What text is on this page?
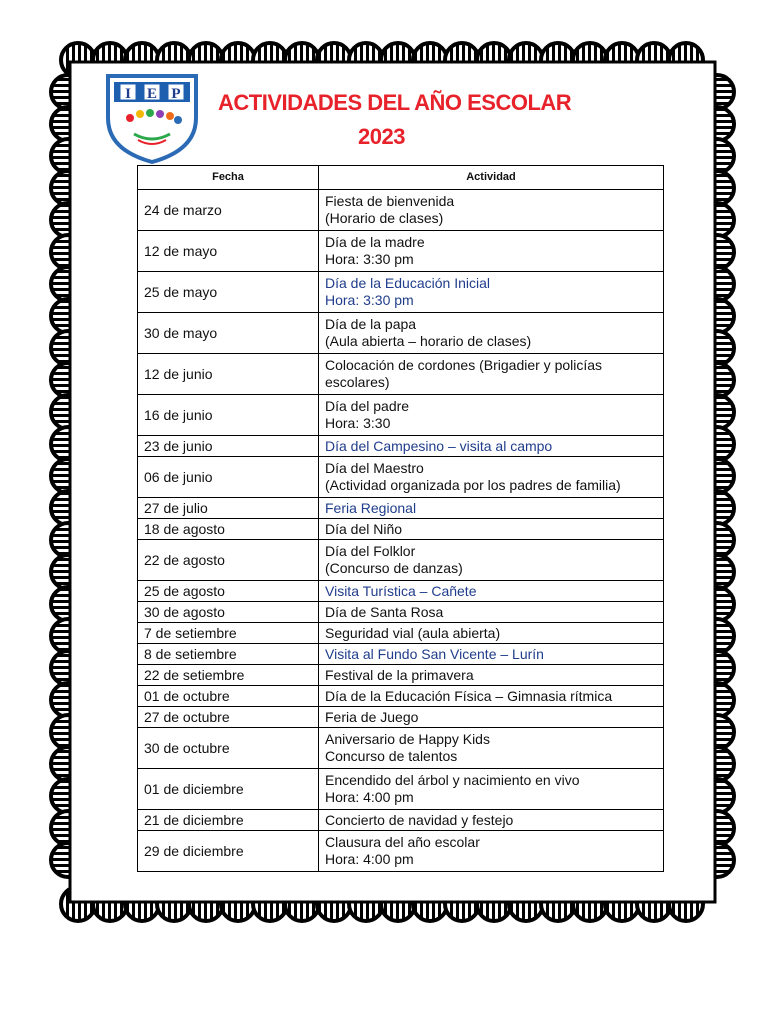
I E P ACTIVIDADES DEL AÑO ESCOLAR
2023
Fecha	Actividad
24 de marzo	Fiesta de bienvenida
(Horario de clases)

12 de mayo	Día de la madre
Hora: 3:30 pm

25 de mayo	Día de la Educación Inicial
Hora: 3:30 pm

30 de mayo	Día de la papa
(Aula abierta – horario de clases)

12 de junio	Colocación de cordones (Brigadier y policías
escolares)

16 de junio	Día del padre
Hora: 3:30

23 de junio	Día del Campesino – visita al campo

06 de junio	Día del Maestro
(Actividad organizada por los padres de familia)

27 de julio	Feria Regional

18 de agosto	Día del Niño

22 de agosto	Día del Folklor
(Concurso de danzas)

25 de agosto	Visita Turística – Cañete

30 de agosto	Día de Santa Rosa

7 de setiembre	Seguridad vial (aula abierta)

8 de setiembre	Visita al Fundo San Vicente – Lurín

22 de setiembre	Festival de la primavera

01 de octubre	Día de la Educación Física – Gimnasia rítmica

27 de octubre	Feria de Juego

30 de octubre	Aniversario de Happy Kids
Concurso de talentos

01 de diciembre	Encendido del árbol y nacimiento en vivo
Hora: 4:00 pm

21 de diciembre	Concierto de navidad y festejo

29 de diciembre	Clausura del año escolar
Hora: 4:00 pm
